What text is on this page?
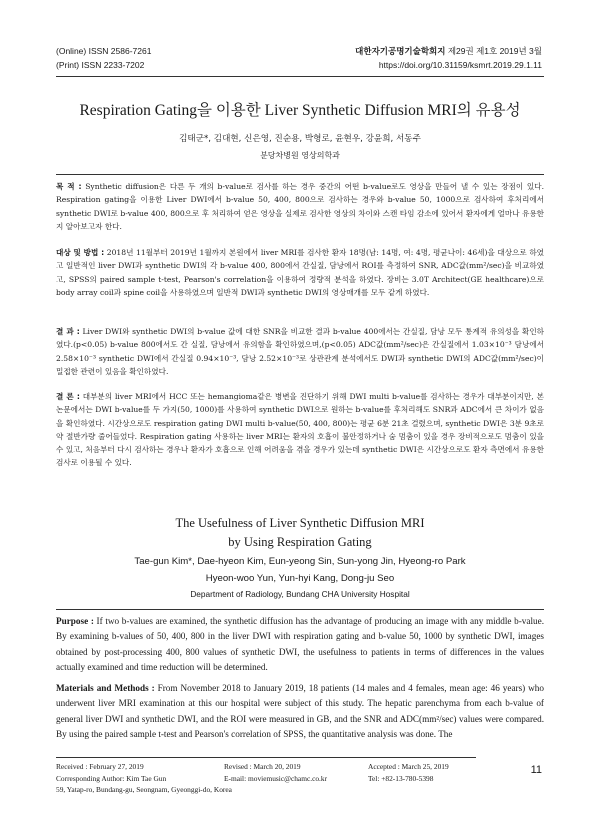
(Online) ISSN 2586-7261
(Print) ISSN 2233-7202
대한자기공명기술학회지 제29권 제1호 2019년 3월
https://doi.org/10.31159/ksmrt.2019.29.1.11
Respiration Gating을 이용한 Liver Synthetic Diffusion MRI의 유용성
김태군*, 김대현, 신은영, 진순용, 박형로, 윤현우, 강윤희, 서동주
분당차병원 영상의학과
목 적 : Synthetic diffusion은 다른 두 개의 b-value로 검사를 하는 경우 중간의 어떤 b-value로도 영상을 만들어 낼 수 있는 장점이 있다. Respiration gating을 이용한 Liver DWI에서 b-value 50, 400, 800으로 검사하는 경우와 b-value 50, 1000으로 검사하여 후처리에서 synthetic DWI로 b-value 400, 800으로 후 처리하여 얻은 영상을 실제로 검사한 영상의 차이와 스캔 타임 감소에 있어서 환자에게 얼마나 유용한지 알아보고자 한다.
대상 및 방법 : 2018년 11월부터 2019년 1월까지 본원에서 liver MRI를 검사한 환자 18명(남: 14명, 여: 4명, 평균나이: 46세)을 대상으로 하였고 일반적인 liver DWI과 synthetic DWI의 각 b-value 400, 800에서 간실질, 담낭에서 ROI를 측정하여 SNR, ADC값(mm²/sec)을 비교하였고, SPSS의 paired sample t-test, Pearson's correlation을 이용하여 정량적 분석을 하였다. 장비는 3.0T Architect(GE healthcare)으로 body array coil과 spine coil을 사용하였으며 일반적 DWI과 synthetic DWI의 영상매개를 모두 같게 하였다.
결 과 : Liver DWI와 synthetic DWI의 b-value 값에 대한 SNR을 비교한 결과 b-value 400에서는 간실질, 담낭 모두 통계적 유의성을 확인하였다.(p<0.05) b-value 800에서도 간 실질, 담낭에서 유의함을 확인하였으며,(p<0.05) ADC값(mm²/sec)은 간실질에서 1.03×10⁻³ 담낭에서 2.58×10⁻³ synthetic DWI에서 간실질 0.94×10⁻³, 담낭 2.52×10⁻³로 상관관계 분석에서도 DWI과 synthetic DWI의 ADC값(mm²/sec)이 밀접한 관련이 있음을 확인하였다.
결 론 : 대부분의 liver MRI에서 HCC 또는 hemangioma같은 병변을 진단하기 위해 DWI multi b-value를 검사하는 경우가 대부분이지만, 본 논문에서는 DWI b-value를 두 가지(50, 1000)를 사용하여 synthetic DWI으로 원하는 b-value를 후처리해도 SNR과 ADC에서 큰 차이가 없음을 확인하였다. 시간상으로도 respiration gating DWI multi b-value(50, 400, 800)는 평균 6분 21초 걸렸으며, synthetic DWI은 3분 9초로 약 절반가량 줄어들었다. Respiration gating 사용하는 liver MRI는 환자의 호흡이 불안정하거나 숨 멈춤이 있을 경우 장비적으로도 멈춤이 있을 수 있고, 처음부터 다시 검사하는 경우나 환자가 호흡으로 인해 어려움을 겪을 경우가 있는데 synthetic DWI은 시간상으로도 환자 측면에서 유용한 검사로 이용될 수 있다.
The Usefulness of Liver Synthetic Diffusion MRI
by Using Respiration Gating
Tae-gun Kim*, Dae-hyeon Kim, Eun-yeong Sin, Sun-yong Jin, Hyeong-ro Park
Hyeon-woo Yun, Yun-hyi Kang, Dong-ju Seo
Department of Radiology, Bundang CHA University Hospital
Purpose : If two b-values are examined, the synthetic diffusion has the advantage of producing an image with any middle b-value. By examining b-values of 50, 400, 800 in the liver DWI with respiration gating and b-value 50, 1000 by synthetic DWI, images obtained by post-processing 400, 800 values of synthetic DWI, the usefulness to patients in terms of differences in the values actually examined and time reduction will be determined.
Materials and Methods : From November 2018 to January 2019, 18 patients (14 males and 4 females, mean age: 46 years) who underwent liver MRI examination at this our hospital were subject of this study. The hepatic parenchyma from each b-value of general liver DWI and synthetic DWI, and the ROI were measured in GB, and the SNR and ADC(mm²/sec) values were compared. By using the paired sample t-test and Pearson's correlation of SPSS, the quantitative analysis was done. The
Received : February 27, 2019	Revised : March 20, 2019	Accepted : March 25, 2019
Corresponding Author: Kim Tae Gun	E-mail: moviemusic@chamc.co.kr	Tel: +82-13-780-5398
59, Yatap-ro, Bundang-gu, Seongnam, Gyeonggi-do, Korea
11
